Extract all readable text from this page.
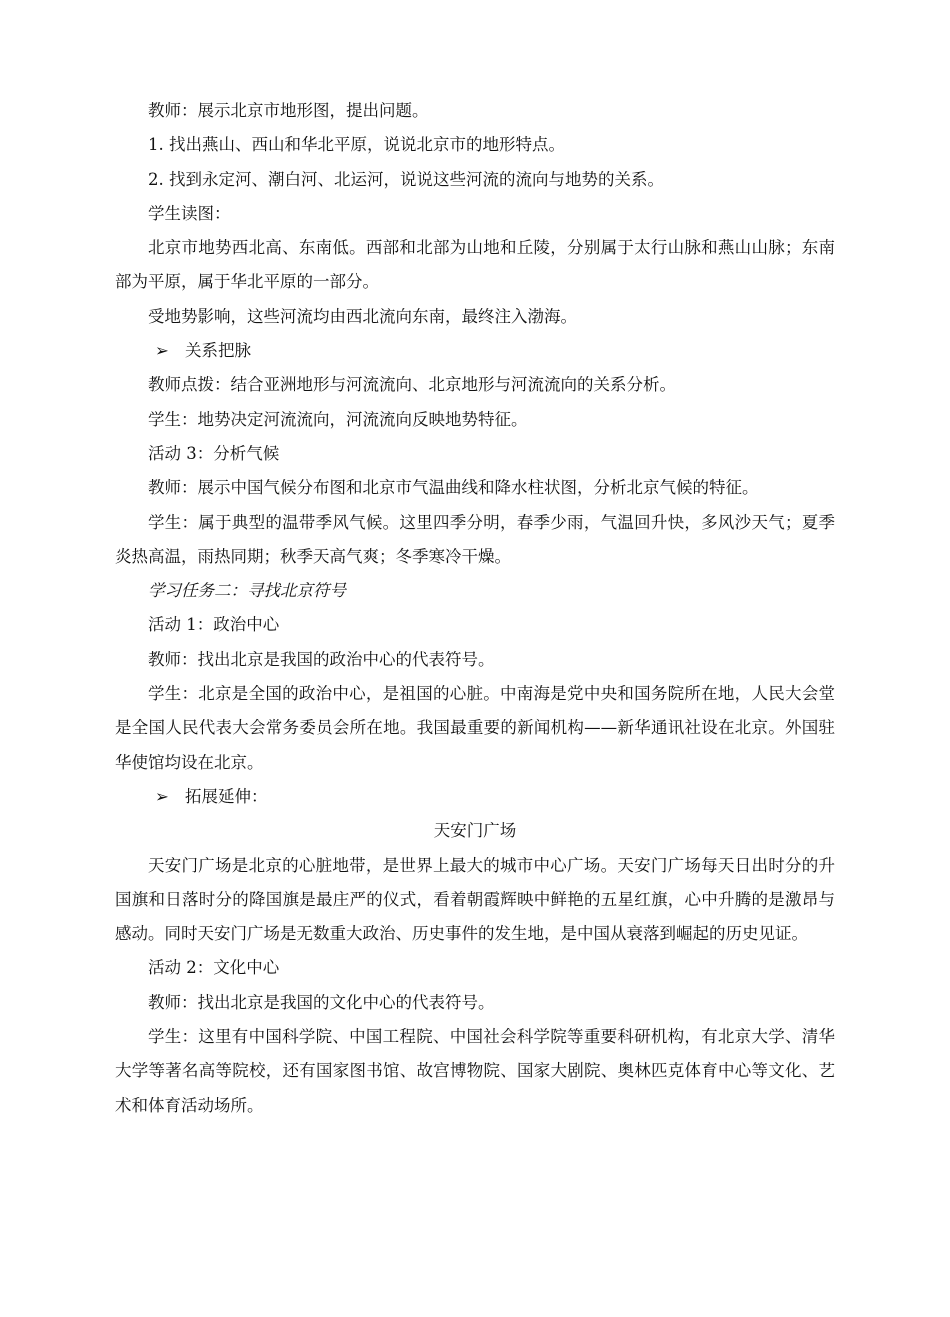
教师：展示北京市地形图，提出问题。

1. 找出燕山、西山和华北平原，说说北京市的地形特点。

2. 找到永定河、潮白河、北运河，说说这些河流的流向与地势的关系。

学生读图：

北京市地势西北高、东南低。西部和北部为山地和丘陵，分别属于太行山脉和燕山山脉；东南部为平原，属于华北平原的一部分。

受地势影响，这些河流均由西北流向东南，最终注入渤海。

➢ 关系把脉

教师点拨：结合亚洲地形与河流流向、北京地形与河流流向的关系分析。

学生：地势决定河流流向，河流流向反映地势特征。

活动 3：分析气候

教师：展示中国气候分布图和北京市气温曲线和降水柱状图，分析北京气候的特征。

学生：属于典型的温带季风气候。这里四季分明，春季少雨，气温回升快，多风沙天气；夏季炎热高温，雨热同期；秋季天高气爽；冬季寒冷干燥。

学习任务二：寻找北京符号

活动 1：政治中心

教师：找出北京是我国的政治中心的代表符号。

学生：北京是全国的政治中心，是祖国的心脏。中南海是党中央和国务院所在地，人民大会堂是全国人民代表大会常务委员会所在地。我国最重要的新闻机构——新华通讯社设在北京。外国驻华使馆均设在北京。

➢ 拓展延伸：

天安门广场

天安门广场是北京的心脏地带，是世界上最大的城市中心广场。天安门广场每天日出时分的升国旗和日落时分的降国旗是最庄严的仪式，看着朝霞辉映中鲜艳的五星红旗，心中升腾的是激昂与感动。同时天安门广场是无数重大政治、历史事件的发生地，是中国从衰落到崛起的历史见证。

活动 2：文化中心

教师：找出北京是我国的文化中心的代表符号。

学生：这里有中国科学院、中国工程院、中国社会科学院等重要科研机构，有北京大学、清华大学等著名高等院校，还有国家图书馆、故宫博物院、国家大剧院、奥林匹克体育中心等文化、艺术和体育活动场所。
